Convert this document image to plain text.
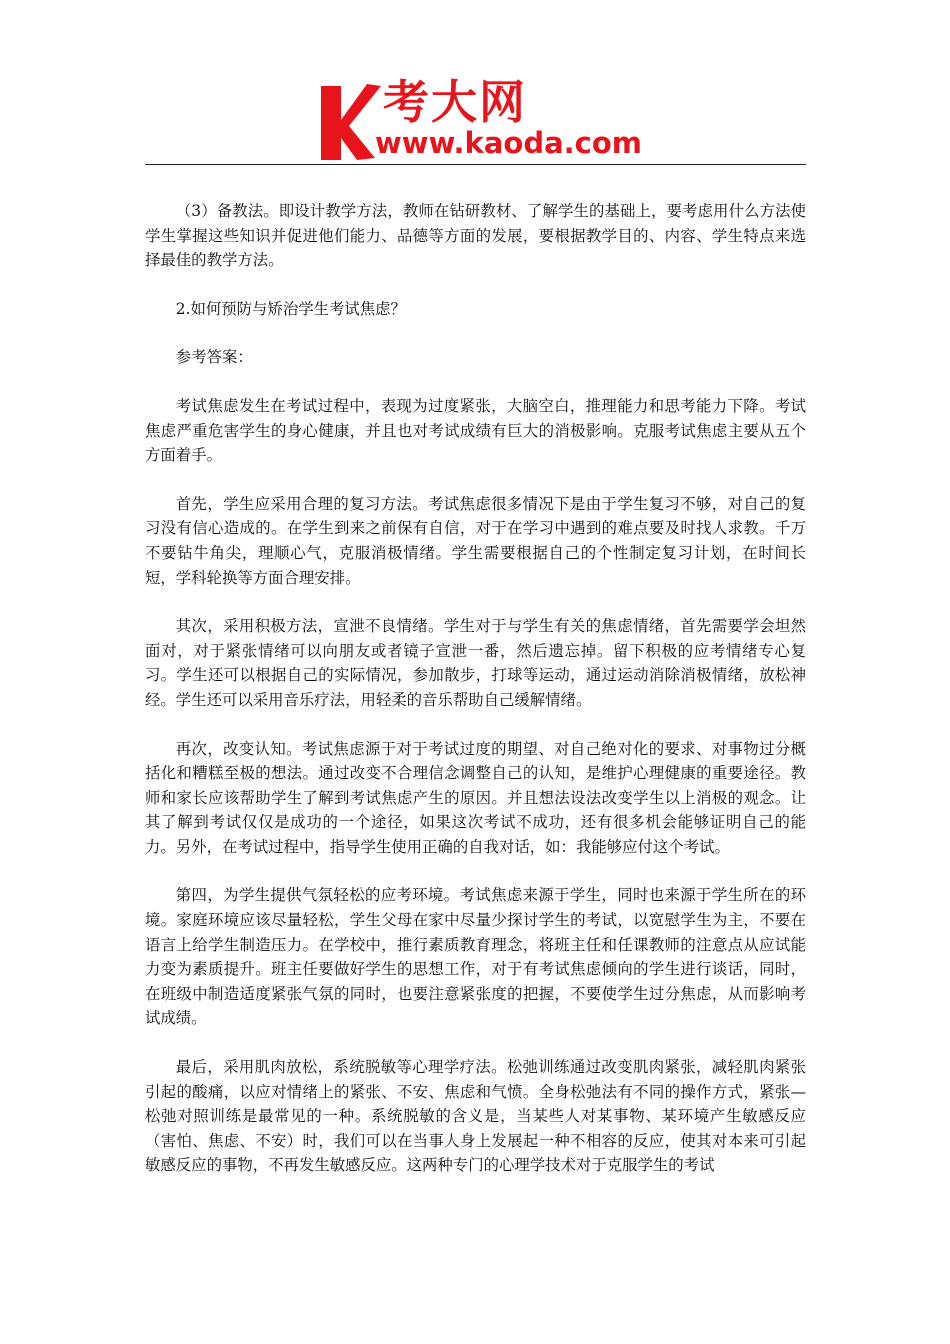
考大网
www.kaoda.com

（3）备教法。即设计教学方法，教师在钻研教材、了解学生的基础上，要考虑用什么方法使学生掌握这些知识并促进他们能力、品德等方面的发展，要根据教学目的、内容、学生特点来选择最佳的教学方法。

2.如何预防与矫治学生考试焦虑？

参考答案：

考试焦虑发生在考试过程中，表现为过度紧张，大脑空白，推理能力和思考能力下降。考试焦虑严重危害学生的身心健康，并且也对考试成绩有巨大的消极影响。克服考试焦虑主要从五个方面着手。

首先，学生应采用合理的复习方法。考试焦虑很多情况下是由于学生复习不够，对自己的复习没有信心造成的。在学生到来之前保有自信，对于在学习中遇到的难点要及时找人求教。千万不要钻牛角尖，理顺心气，克服消极情绪。学生需要根据自己的个性制定复习计划，在时间长短，学科轮换等方面合理安排。

其次，采用积极方法，宣泄不良情绪。学生对于与学生有关的焦虑情绪，首先需要学会坦然面对，对于紧张情绪可以向朋友或者镜子宣泄一番，然后遗忘掉。留下积极的应考情绪专心复习。学生还可以根据自己的实际情况，参加散步，打球等运动，通过运动消除消极情绪，放松神经。学生还可以采用音乐疗法，用轻柔的音乐帮助自己缓解情绪。

再次，改变认知。考试焦虑源于对于考试过度的期望、对自己绝对化的要求、对事物过分概括化和糟糕至极的想法。通过改变不合理信念调整自己的认知，是维护心理健康的重要途径。教师和家长应该帮助学生了解到考试焦虑产生的原因。并且想法设法改变学生以上消极的观念。让其了解到考试仅仅是成功的一个途径，如果这次考试不成功，还有很多机会能够证明自己的能力。另外，在考试过程中，指导学生使用正确的自我对话，如：我能够应付这个考试。

第四，为学生提供气氛轻松的应考环境。考试焦虑来源于学生，同时也来源于学生所在的环境。家庭环境应该尽量轻松，学生父母在家中尽量少探讨学生的考试，以宽慰学生为主，不要在语言上给学生制造压力。在学校中，推行素质教育理念，将班主任和任课教师的注意点从应试能力变为素质提升。班主任要做好学生的思想工作，对于有考试焦虑倾向的学生进行谈话，同时，在班级中制造适度紧张气氛的同时，也要注意紧张度的把握，不要使学生过分焦虑，从而影响考试成绩。

最后，采用肌肉放松，系统脱敏等心理学疗法。松弛训练通过改变肌肉紧张，减轻肌肉紧张引起的酸痛，以应对情绪上的紧张、不安、焦虑和气愤。全身松弛法有不同的操作方式，紧张—松弛对照训练是最常见的一种。系统脱敏的含义是，当某些人对某事物、某环境产生敏感反应（害怕、焦虑、不安）时，我们可以在当事人身上发展起一种不相容的反应，使其对本来可引起敏感反应的事物，不再发生敏感反应。这两种专门的心理学技术对于克服学生的考试
